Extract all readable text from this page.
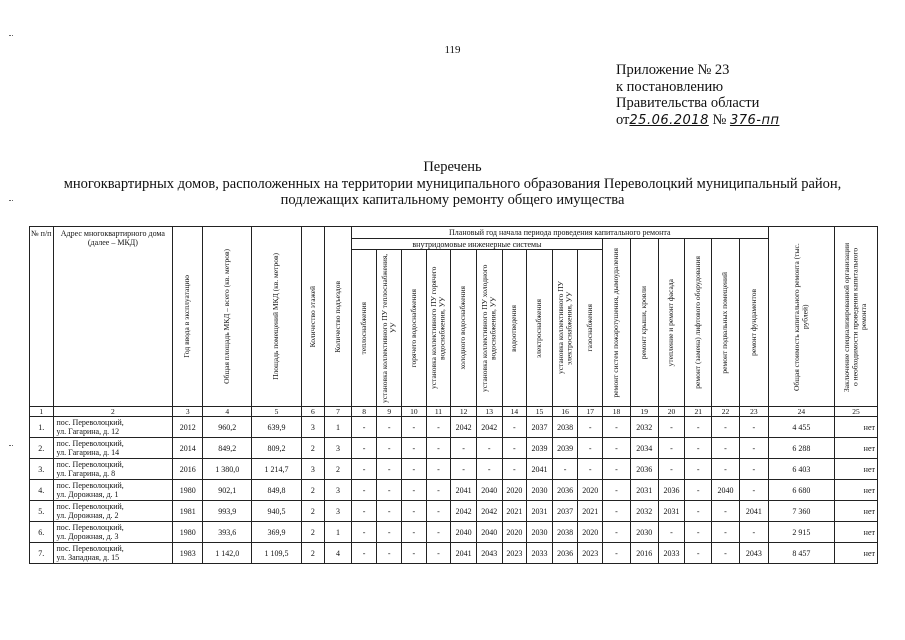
119
Приложение № 23
к постановлению
Правительства области
от25.06.2018 № 376-пп
Перечень
многоквартирных домов, расположенных на территории муниципального образования Переволоцкий муниципальный район,
подлежащих капитальному ремонту общего имущества
№ п/п	Адрес многоквартирного дома (далее – МКД)	Год ввода в эксплуатацию	Общая площадь МКД – всего (кв. метров)	Площадь помещений МКД (кв. метров)	Количество этажей	Количество подъездов	Плановый год начала периода проведения капитального ремонта																Общая стоимость капитального ремонта (тыс. рублей)	Заключение специализированной организации о необходимости проведения капитального ремонта

							внутридомовые инженерные системы										ремонт систем пожаротушения, дымоудаления	ремонт крыши, кровли	утепление и ремонт фасада	ремонт (замена) лифтового оборудования	ремонт подвальных помещений	ремонт фундаментов		

							теплоснабжения	установка коллективного ПУ теплоснабжения, УУ	горячего водоснабжения	установка коллективного ПУ горячего водоснабжения, УУ	холодного водоснабжения	установка коллективного ПУ холодного водоснабжения, УУ	водоотведения	электроснабжения	установка коллективного ПУ электроснабжения, УУ	газоснабжения								

1	2	3	4	5	6	7	8	9	10	11	12	13	14	15	16	17	18	19	20	21	22	23	24	25
1.	пос. Переволоцкий,
ул. Гагарина, д. 12	2012	960,2	639,9	3	1	-	-	-	-	2042	2042	-	2037	2038	-	-	2032	-	-	-	-	4 455	нет
2.	пос. Переволоцкий,
ул. Гагарина, д. 14	2014	849,2	809,2	2	3	-	-	-	-	-	-	-	2039	2039	-	-	2034	-	-	-	-	6 288	нет
3.	пос. Переволоцкий,
ул. Гагарина, д. 8	2016	1 380,0	1 214,7	3	2	-	-	-	-	-	-	-	2041	-	-	-	2036	-	-	-	-	6 403	нет
4.	пос. Переволоцкий,
ул. Дорожная, д. 1	1980	902,1	849,8	2	3	-	-	-	-	2041	2040	2020	2030	2036	2020	-	2031	2036	-	2040	-	6 680	нет
5.	пос. Переволоцкий,
ул. Дорожная, д. 2	1981	993,9	940,5	2	3	-	-	-	-	2042	2042	2021	2031	2037	2021	-	2032	2031	-	-	2041	7 360	нет
6.	пос. Переволоцкий,
ул. Дорожная, д. 3	1980	393,6	369,9	2	1	-	-	-	-	2040	2040	2020	2030	2038	2020	-	2030	-	-	-	-	2 915	нет
7.	пос. Переволоцкий,
ул. Западная, д. 15	1983	1 142,0	1 109,5	2	4	-	-	-	-	2041	2043	2023	2033	2036	2023	-	2016	2033	-	-	2043	8 457	нет
